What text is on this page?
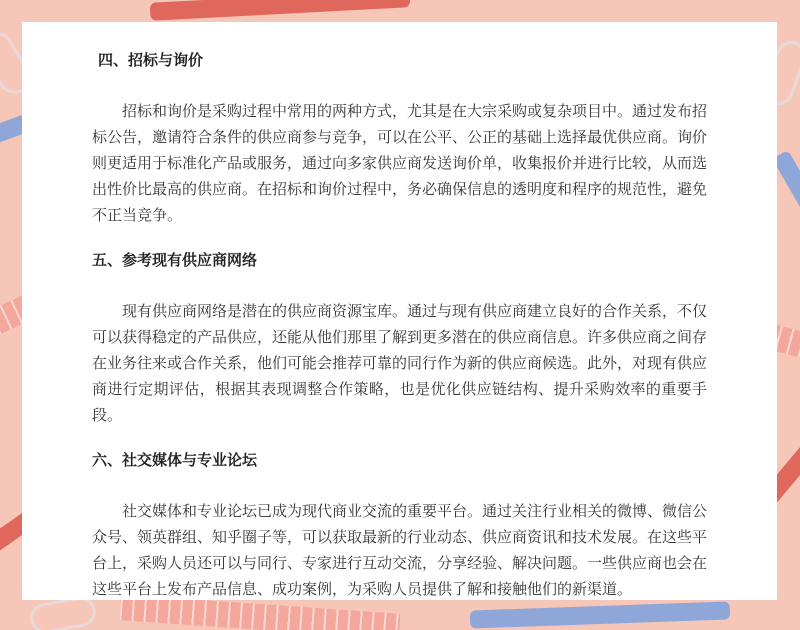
四、招标与询价

招标和询价是采购过程中常用的两种方式，尤其是在大宗采购或复杂项目中。通过发布招标公告，邀请符合条件的供应商参与竞争，可以在公平、公正的基础上选择最优供应商。询价则更适用于标准化产品或服务，通过向多家供应商发送询价单，收集报价并进行比较，从而选出性价比最高的供应商。在招标和询价过程中，务必确保信息的透明度和程序的规范性，避免不正当竞争。

五、参考现有供应商网络

现有供应商网络是潜在的供应商资源宝库。通过与现有供应商建立良好的合作关系，不仅可以获得稳定的产品供应，还能从他们那里了解到更多潜在的供应商信息。许多供应商之间存在业务往来或合作关系，他们可能会推荐可靠的同行作为新的供应商候选。此外，对现有供应商进行定期评估，根据其表现调整合作策略，也是优化供应链结构、提升采购效率的重要手段。

六、社交媒体与专业论坛

社交媒体和专业论坛已成为现代商业交流的重要平台。通过关注行业相关的微博、微信公众号、领英群组、知乎圈子等，可以获取最新的行业动态、供应商资讯和技术发展。在这些平台上，采购人员还可以与同行、专家进行互动交流，分享经验、解决问题。一些供应商也会在这些平台上发布产品信息、成功案例，为采购人员提供了解和接触他们的新渠道。
